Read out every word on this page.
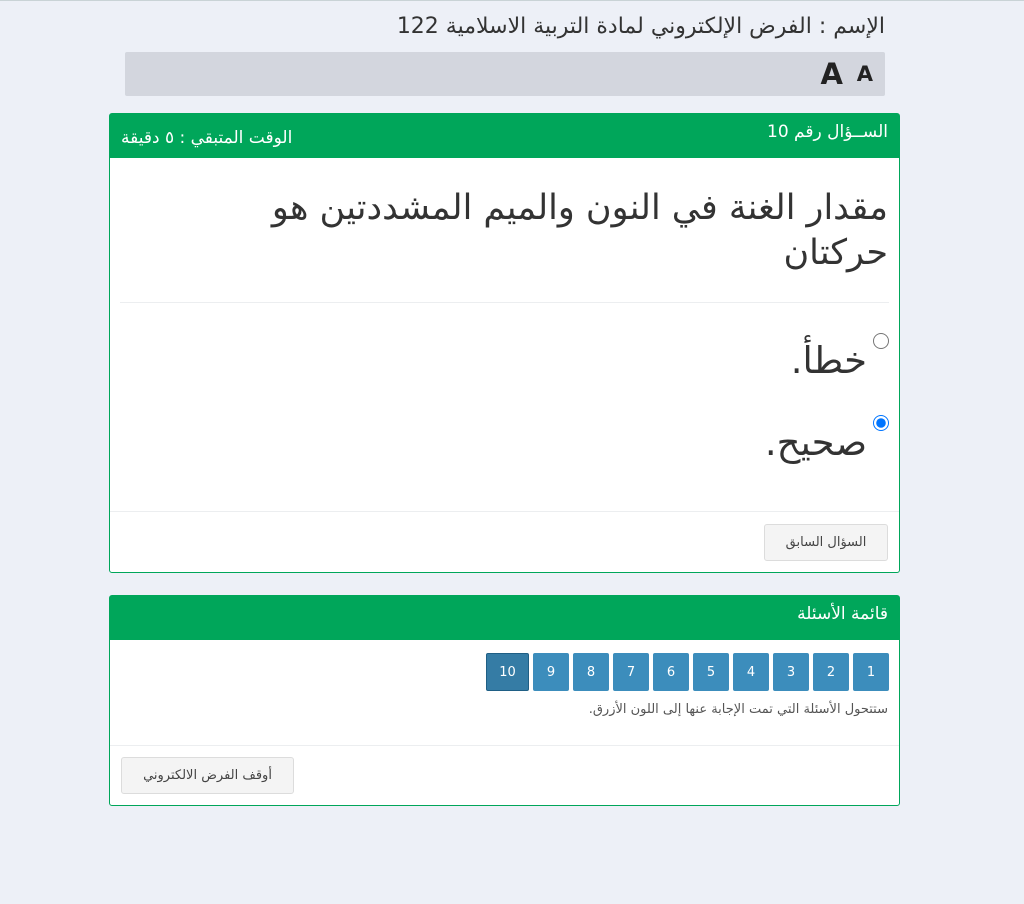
الإسم : الفرض الإلكتروني لمادة التربية الاسلامية 122
A A
الســؤال رقم 10
الوقت المتبقي : ٥ دقيقة
مقدار الغنة في النون والميم المشددتين هو حركتان
خطأ.
صحيح.
السؤال السابق
قائمة الأسئلة
1
2
3
4
5
6
7
8
9
10
ستتحول الأسئلة التي تمت الإجابة عنها إلى اللون الأزرق.
أوقف الفرض الالكتروني
